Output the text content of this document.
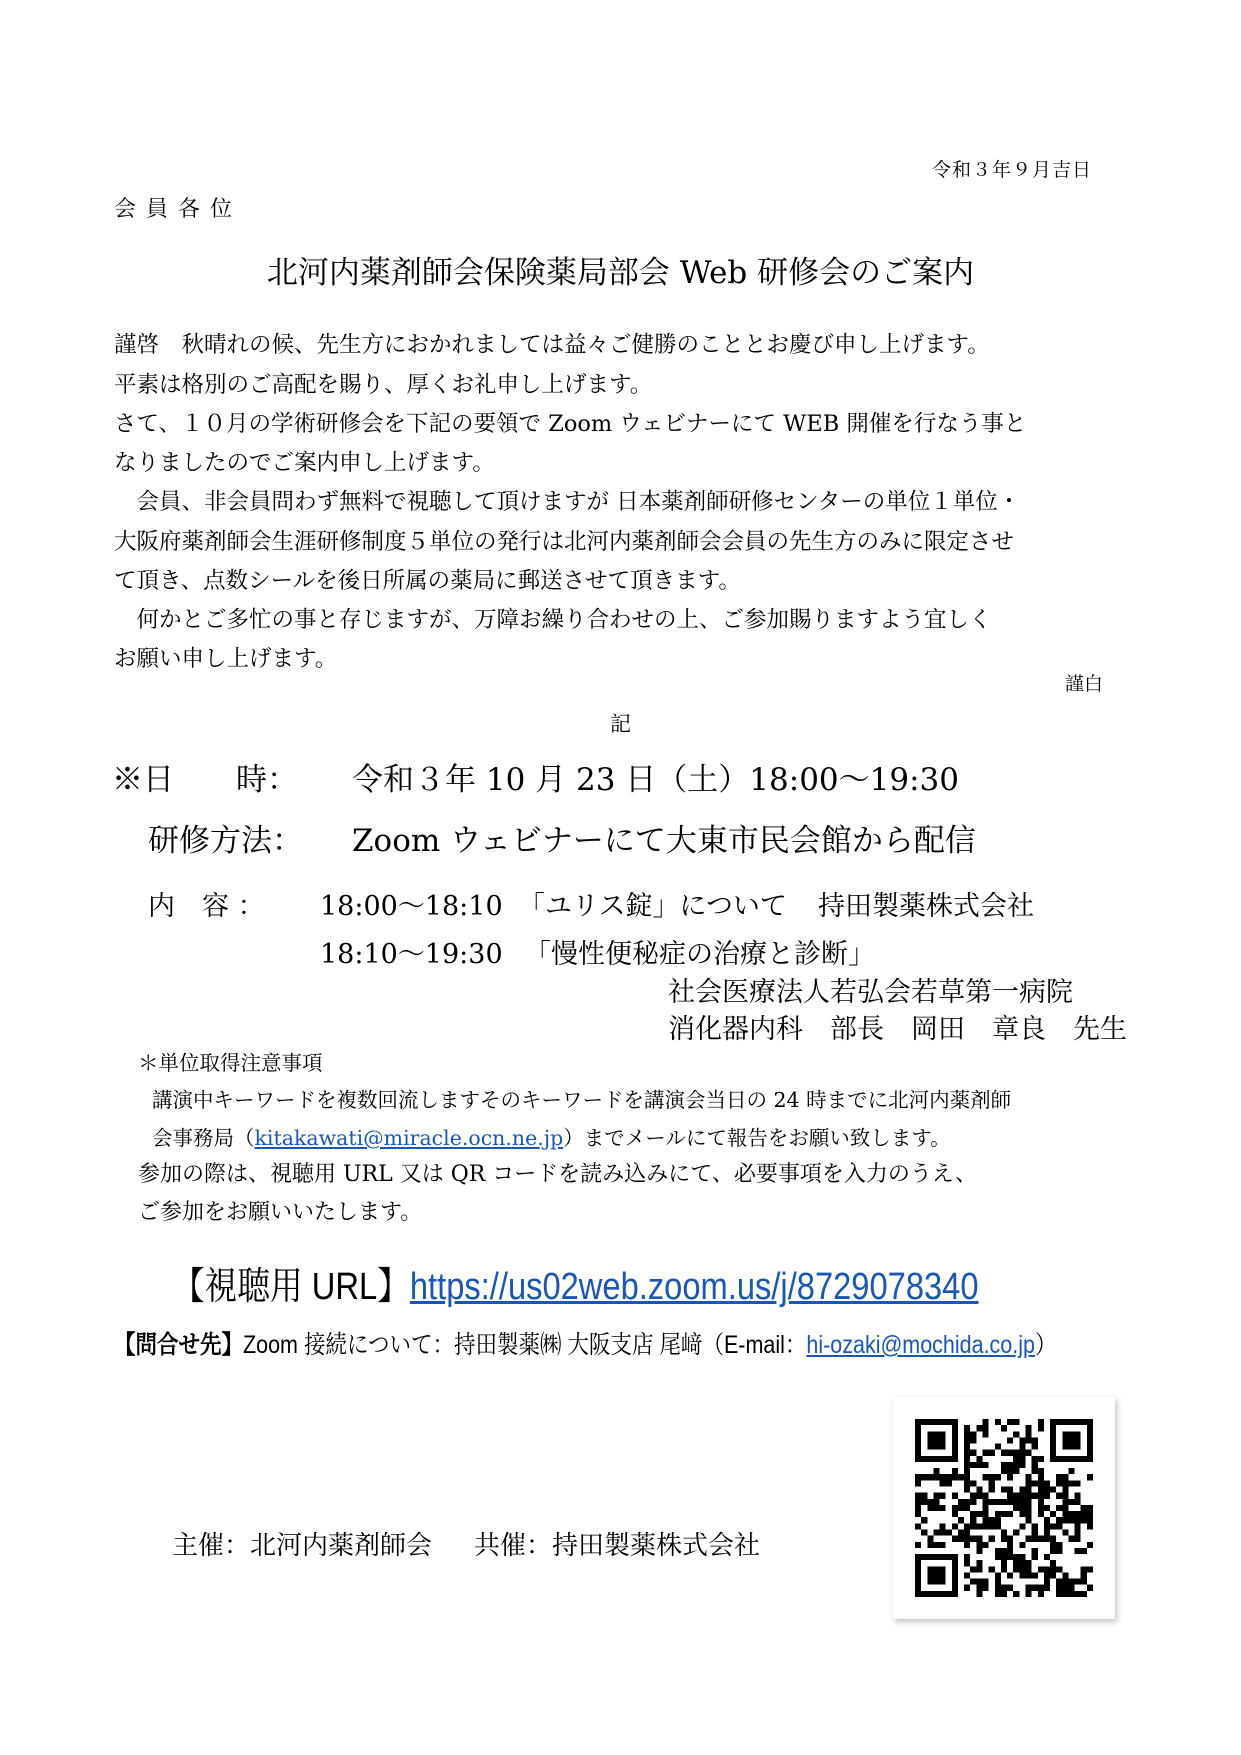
令和３年９月吉日
会員各位
北河内薬剤師会保険薬局部会 Web 研修会のご案内
謹啓　秋晴れの候、先生方におかれましては益々ご健勝のこととお慶び申し上げます。
平素は格別のご高配を賜り、厚くお礼申し上げます。
さて、１０月の学術研修会を下記の要領で Zoom ウェビナーにて WEB 開催を行なう事と
なりましたのでご案内申し上げます。
　会員、非会員問わず無料で視聴して頂けますが 日本薬剤師研修センターの単位１単位・
大阪府薬剤師会生涯研修制度５単位の発行は北河内薬剤師会会員の先生方のみに限定させ
て頂き、点数シールを後日所属の薬局に郵送させて頂きます。
　何かとご多忙の事と存じますが、万障お繰り合わせの上、ご参加賜りますよう宜しく
お願い申し上げます。
謹白
記
※日　　時： 令和３年 10 月 23 日（土）18:00～19:30
研修方法： Zoom ウェビナーにて大東市民会館から配信
内　容 ： 18:00～18:10 「ユリス錠」について 持田製薬株式会社
18:10～19:30 「慢性便秘症の治療と診断」
社会医療法人若弘会若草第一病院
消化器内科　部長　岡田　章良　先生
＊単位取得注意事項
講演中キーワードを複数回流しますそのキーワードを講演会当日の 24 時までに北河内薬剤師
会事務局（kitakawati@miracle.ocn.ne.jp）までメールにて報告をお願い致します。
参加の際は、視聴用 URL 又は QR コードを読み込みにて、必要事項を入力のうえ、
ご参加をお願いいたします。
【視聴用 URL】https://us02web.zoom.us/j/8729078340
【問合せ先】Zoom 接続について：持田製薬㈱ 大阪支店 尾﨑（E-mail：hi-ozaki@mochida.co.jp）
主催：北河内薬剤師会 共催：持田製薬株式会社
